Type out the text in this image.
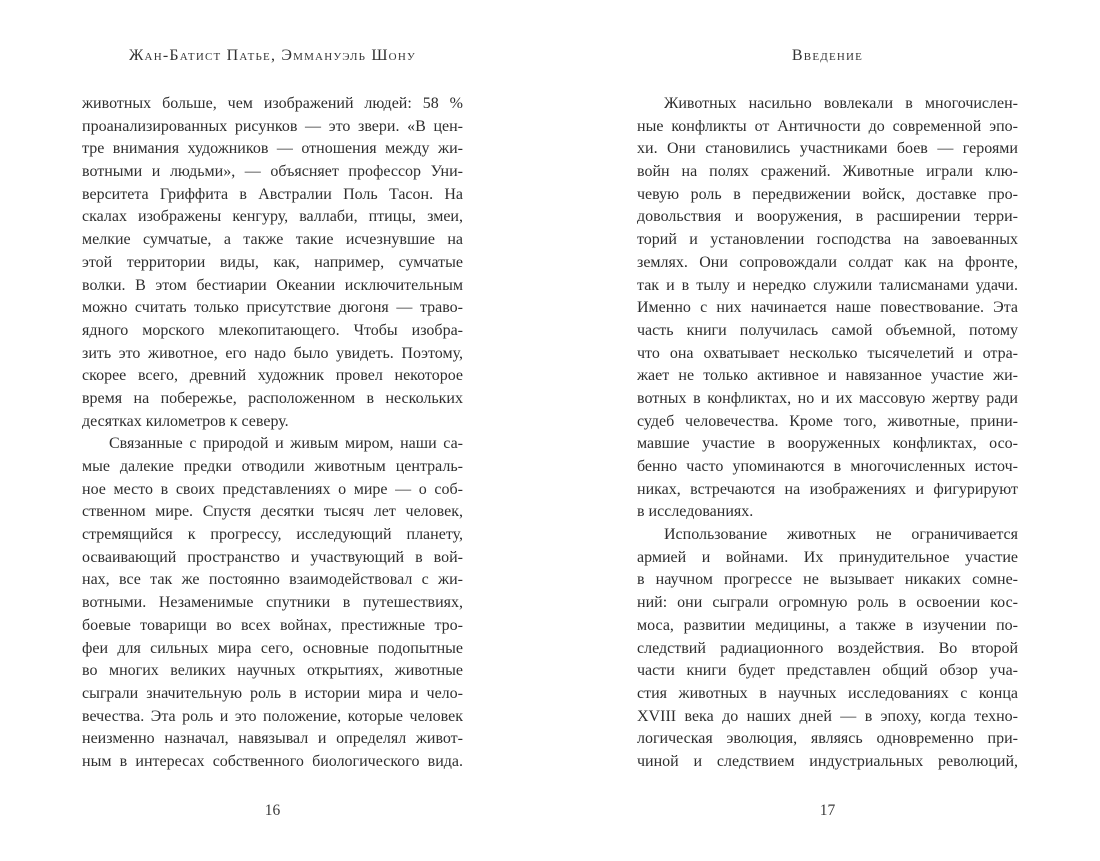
Жан-Батист Патье, Эммануэль Шону
животных больше, чем изображений людей: 58 %
проанализированных рисунков — это звери. «В цен-
тре внимания художников — отношения между жи-
вотными и людьми», — объясняет профессор Уни-
верситета Гриффита в Австралии Поль Тасон. На
скалах изображены кенгуру, валлаби, птицы, змеи,
мелкие сумчатые, а также такие исчезнувшие на
этой территории виды, как, например, сумчатые
волки. В этом бестиарии Океании исключительным
можно считать только присутствие дюгоня — траво-
ядного морского млекопитающего. Чтобы изобра-
зить это животное, его надо было увидеть. Поэтому,
скорее всего, древний художник провел некоторое
время на побережье, расположенном в нескольких
десятках километров к северу.
Связанные с природой и живым миром, наши са-
мые далекие предки отводили животным централь-
ное место в своих представлениях о мире — о соб-
ственном мире. Спустя десятки тысяч лет человек,
стремящийся к прогрессу, исследующий планету,
осваивающий пространство и участвующий в вой-
нах, все так же постоянно взаимодействовал с жи-
вотными. Незаменимые спутники в путешествиях,
боевые товарищи во всех войнах, престижные тро-
феи для сильных мира сего, основные подопытные
во многих великих научных открытиях, животные
сыграли значительную роль в истории мира и чело-
вечества. Эта роль и это положение, которые человек
неизменно назначал, навязывал и определял живот-
ным в интересах собственного биологического вида.
16
Введение
Животных насильно вовлекали в многочислен-
ные конфликты от Античности до современной эпо-
хи. Они становились участниками боев — героями
войн на полях сражений. Животные играли клю-
чевую роль в передвижении войск, доставке про-
довольствия и вооружения, в расширении терри-
торий и установлении господства на завоеванных
землях. Они сопровождали солдат как на фронте,
так и в тылу и нередко служили талисманами удачи.
Именно с них начинается наше повествование. Эта
часть книги получилась самой объемной, потому
что она охватывает несколько тысячелетий и отра-
жает не только активное и навязанное участие жи-
вотных в конфликтах, но и их массовую жертву ради
судеб человечества. Кроме того, животные, прини-
мавшие участие в вооруженных конфликтах, осо-
бенно часто упоминаются в многочисленных источ-
никах, встречаются на изображениях и фигурируют
в исследованиях.
Использование животных не ограничивается
армией и войнами. Их принудительное участие
в научном прогрессе не вызывает никаких сомне-
ний: они сыграли огромную роль в освоении кос-
моса, развитии медицины, а также в изучении по-
следствий радиационного воздействия. Во второй
части книги будет представлен общий обзор уча-
стия животных в научных исследованиях с конца
XVIII века до наших дней — в эпоху, когда техно-
логическая эволюция, являясь одновременно при-
чиной и следствием индустриальных революций,
17
